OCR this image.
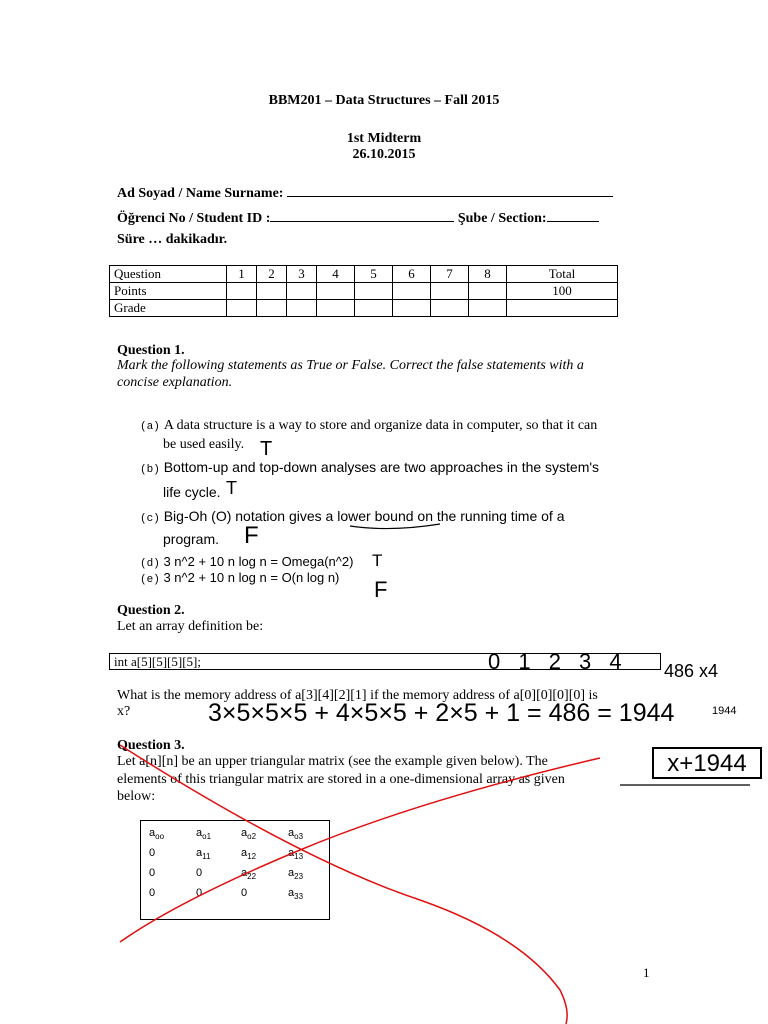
BBM201 – Data Structures – Fall 2015
1st Midterm
26.10.2015
Ad Soyad / Name Surname:
Öğrenci No / Student ID :	Şube / Section:
Süre … dakikadır.
Question	1	2	3	4	5	6	7	8	Total
Points									100
Grade									
Question 1.
Mark the following statements as True or False. Correct the false statements with a
concise explanation.
(a) A data structure is a way to store and organize data in computer, so that it can
be used easily.
(b) Bottom-up and top-down analyses are two approaches in the system's
life cycle.
(c) Big-Oh (O) notation gives a lower bound on the running time of a
program.
(d) 3 n^2 + 10 n log n = Omega(n^2)
(e) 3 n^2 + 10 n log n = O(n log n)
Question 2.
Let an array definition be:
int a[5][5][5][5];
What is the memory address of a[3][4][2][1] if the memory address of a[0][0][0][0] is
x?
Question 3.
Let a[n][n] be an upper triangular matrix (see the example given below). The
elements of this triangular matrix are stored in a one-dimensional array as given
below:
$a_{oo}$	$a_{o1}$	$a_{o2}$	$a_{o3}$
0	$a_{11}$	$a_{12}$	$a_{13}$
0	0	$a_{22}$	$a_{23}$
0	0	0	$a_{33}$
1
T
T
F
T
F
0 1 2 3 4 486 x4
3×5×5×5 + 4×5×5 + 2×5 + 1 = 486 = 1944	1944
x+1944
